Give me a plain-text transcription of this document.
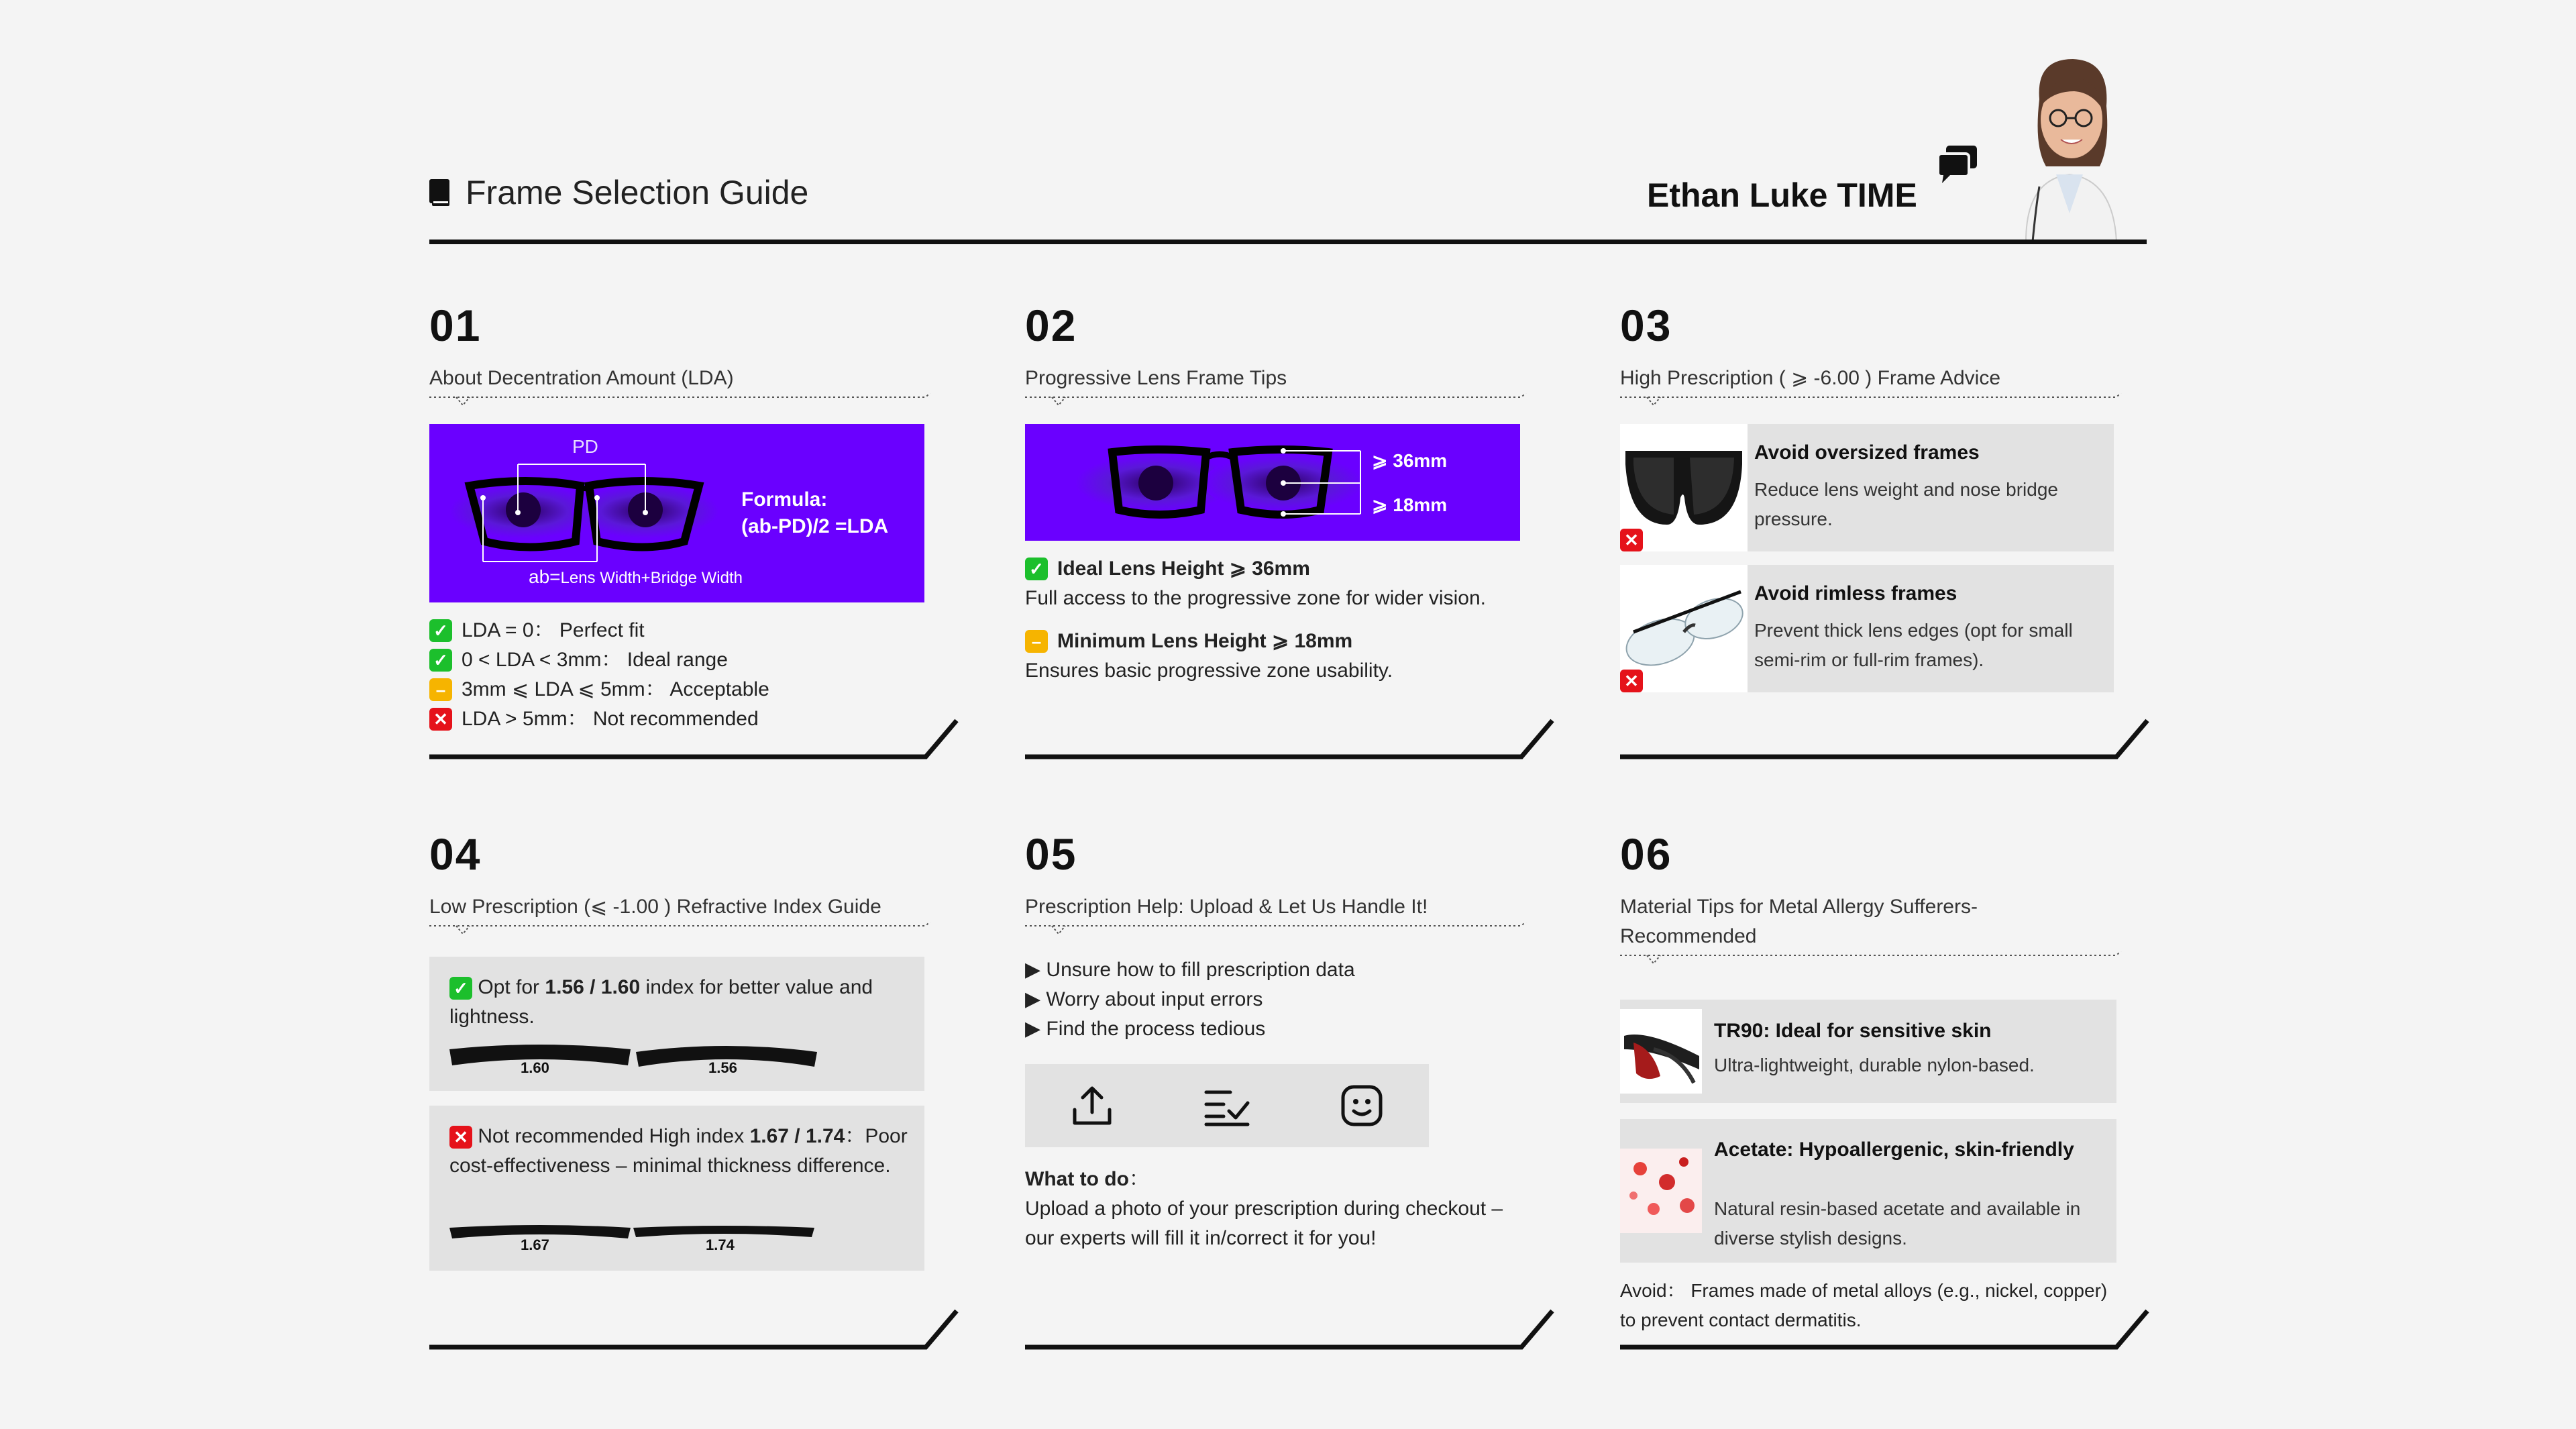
Frame Selection Guide	Ethan Luke TIME
01
About Decentration Amount (LDA)
PD
Formula:
(ab-PD)/2 =LDA
ab=Lens Width+Bridge Width
✓ LDA = 0： Perfect fit
✓ 0 < LDA < 3mm： Ideal range
– 3mm ⩽ LDA ⩽ 5mm： Acceptable
✕ LDA > 5mm： Not recommended
02
Progressive Lens Frame Tips
⩾ 36mm
⩾ 18mm
✓ Ideal Lens Height ⩾ 36mm
Full access to the progressive zone for wider vision.
– Minimum Lens Height ⩾ 18mm
Ensures basic progressive zone usability.
03
High Prescription ( ⩾ -6.00 ) Frame Advice
✕
Avoid oversized frames
Reduce lens weight and nose bridge pressure.
✕
Avoid rimless frames
Prevent thick lens edges (opt for small semi-rim or full-rim frames).
04
Low Prescription (⩽ -1.00 ) Refractive Index Guide
✓ Opt for 1.56 / 1.60 index for better value and lightness.
1.60	1.56
✕ Not recommended High index 1.67 / 1.74：Poor cost-effectiveness – minimal thickness difference.
1.67	1.74
05
Prescription Help: Upload & Let Us Handle It!
▶ Unsure how to fill prescription data
▶ Worry about input errors
▶ Find the process tedious
What to do：
Upload a photo of your prescription during checkout – our experts will fill it in/correct it for you!
06
Material Tips for Metal Allergy Sufferers-Recommended
TR90: Ideal for sensitive skin
Ultra-lightweight, durable nylon-based.
Acetate: Hypoallergenic, skin-friendly
Natural resin-based acetate and available in diverse stylish designs.
Avoid： Frames made of metal alloys (e.g., nickel, copper) to prevent contact dermatitis.
